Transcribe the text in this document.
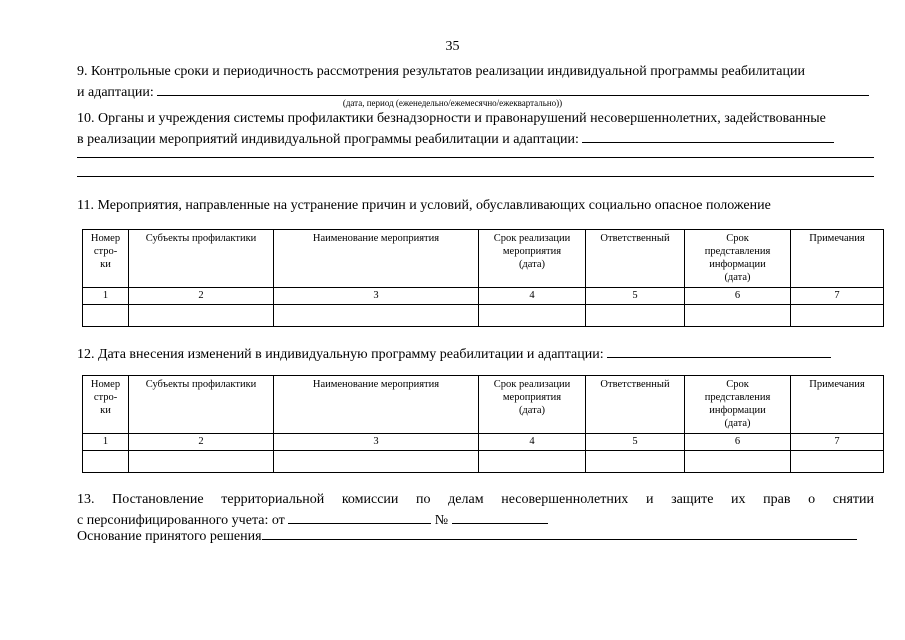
35
9. Контрольные сроки и периодичность рассмотрения результатов реализации индивидуальной программы реабилитации
и адаптации:
(дата, период (еженедельно/ежемесячно/ежеквартально))
10. Органы и учреждения системы профилактики безнадзорности и правонарушений несовершеннолетних, задействованные
в реализации мероприятий индивидуальной программы реабилитации и адаптации:
11. Мероприятия, направленные на устранение причин и условий, обуславливающих социально опасное положение
Номер
стро-
ки	Субъекты профилактики	Наименование мероприятия	Срок реализации
мероприятия
(дата)	Ответственный	Срок
представления
информации
(дата)	Примечания
1	2	3	4	5	6	7

12. Дата внесения изменений в индивидуальную программу реабилитации и адаптации:
Номер
стро-
ки	Субъекты профилактики	Наименование мероприятия	Срок реализации
мероприятия
(дата)	Ответственный	Срок
представления
информации
(дата)	Примечания
1	2	3	4	5	6	7

13. Постановление территориальной комиссии по делам несовершеннолетних и защите их прав о снятии
с персонифицированного учета: от	№
Основание принятого решения
